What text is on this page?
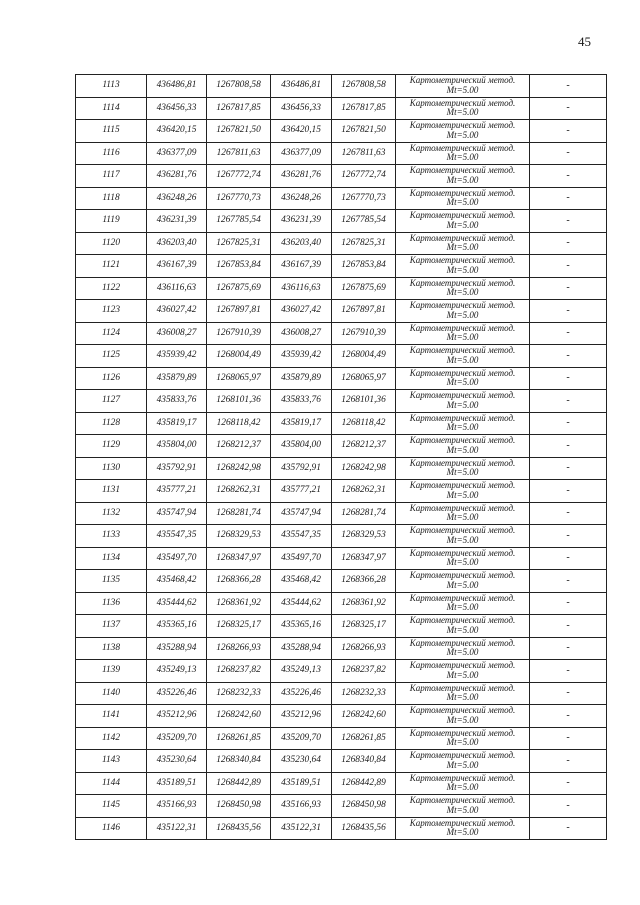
45
1113	436486,81	1267808,58	436486,81	1267808,58	Картометрический метод.
Mt=5.00	-
1114	436456,33	1267817,85	436456,33	1267817,85	Картометрический метод.
Mt=5.00	-
1115	436420,15	1267821,50	436420,15	1267821,50	Картометрический метод.
Mt=5.00	-
1116	436377,09	1267811,63	436377,09	1267811,63	Картометрический метод.
Mt=5.00	-
1117	436281,76	1267772,74	436281,76	1267772,74	Картометрический метод.
Mt=5.00	-
1118	436248,26	1267770,73	436248,26	1267770,73	Картометрический метод.
Mt=5.00	-
1119	436231,39	1267785,54	436231,39	1267785,54	Картометрический метод.
Mt=5.00	-
1120	436203,40	1267825,31	436203,40	1267825,31	Картометрический метод.
Mt=5.00	-
1121	436167,39	1267853,84	436167,39	1267853,84	Картометрический метод.
Mt=5.00	-
1122	436116,63	1267875,69	436116,63	1267875,69	Картометрический метод.
Mt=5.00	-
1123	436027,42	1267897,81	436027,42	1267897,81	Картометрический метод.
Mt=5.00	-
1124	436008,27	1267910,39	436008,27	1267910,39	Картометрический метод.
Mt=5.00	-
1125	435939,42	1268004,49	435939,42	1268004,49	Картометрический метод.
Mt=5.00	-
1126	435879,89	1268065,97	435879,89	1268065,97	Картометрический метод.
Mt=5.00	-
1127	435833,76	1268101,36	435833,76	1268101,36	Картометрический метод.
Mt=5.00	-
1128	435819,17	1268118,42	435819,17	1268118,42	Картометрический метод.
Mt=5.00	-
1129	435804,00	1268212,37	435804,00	1268212,37	Картометрический метод.
Mt=5.00	-
1130	435792,91	1268242,98	435792,91	1268242,98	Картометрический метод.
Mt=5.00	-
1131	435777,21	1268262,31	435777,21	1268262,31	Картометрический метод.
Mt=5.00	-
1132	435747,94	1268281,74	435747,94	1268281,74	Картометрический метод.
Mt=5.00	-
1133	435547,35	1268329,53	435547,35	1268329,53	Картометрический метод.
Mt=5.00	-
1134	435497,70	1268347,97	435497,70	1268347,97	Картометрический метод.
Mt=5.00	-
1135	435468,42	1268366,28	435468,42	1268366,28	Картометрический метод.
Mt=5.00	-
1136	435444,62	1268361,92	435444,62	1268361,92	Картометрический метод.
Mt=5.00	-
1137	435365,16	1268325,17	435365,16	1268325,17	Картометрический метод.
Mt=5.00	-
1138	435288,94	1268266,93	435288,94	1268266,93	Картометрический метод.
Mt=5.00	-
1139	435249,13	1268237,82	435249,13	1268237,82	Картометрический метод.
Mt=5.00	-
1140	435226,46	1268232,33	435226,46	1268232,33	Картометрический метод.
Mt=5.00	-
1141	435212,96	1268242,60	435212,96	1268242,60	Картометрический метод.
Mt=5.00	-
1142	435209,70	1268261,85	435209,70	1268261,85	Картометрический метод.
Mt=5.00	-
1143	435230,64	1268340,84	435230,64	1268340,84	Картометрический метод.
Mt=5.00	-
1144	435189,51	1268442,89	435189,51	1268442,89	Картометрический метод.
Mt=5.00	-
1145	435166,93	1268450,98	435166,93	1268450,98	Картометрический метод.
Mt=5.00	-
1146	435122,31	1268435,56	435122,31	1268435,56	Картометрический метод.
Mt=5.00	-
